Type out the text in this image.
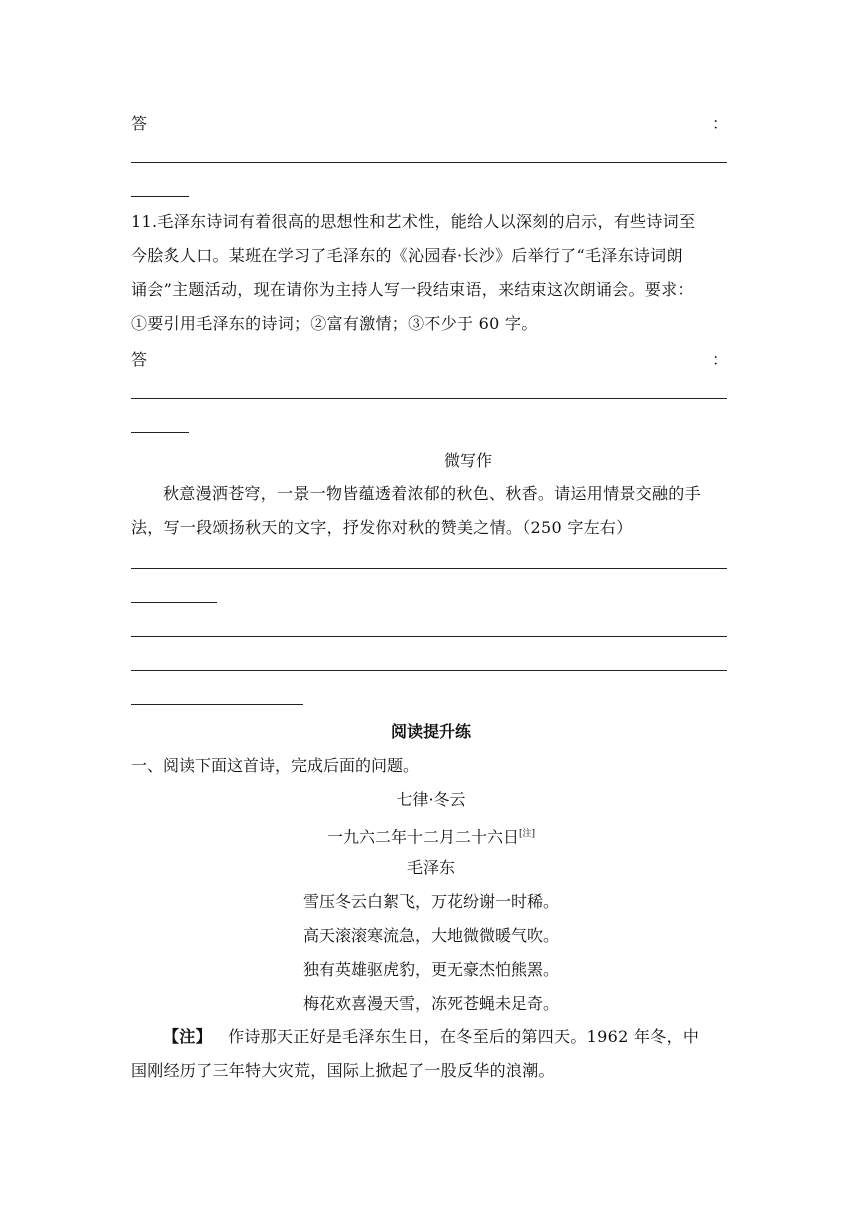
答	：
11.毛泽东诗词有着很高的思想性和艺术性，能给人以深刻的启示，有些诗词至
今脍炙人口。某班在学习了毛泽东的《沁园春·长沙》后举行了“毛泽东诗词朗
诵会”主题活动，现在请你为主持人写一段结束语，来结束这次朗诵会。要求：
①要引用毛泽东的诗词；②富有激情；③不少于 60 字。
答	：
微写作
秋意漫洒苍穹，一景一物皆蕴透着浓郁的秋色、秋香。请运用情景交融的手
法，写一段颂扬秋天的文字，抒发你对秋的赞美之情。（250 字左右）
阅读提升练
一、阅读下面这首诗，完成后面的问题。
七律·冬云
一九六二年十二月二十六日[注]
毛泽东
雪压冬云白絮飞，万花纷谢一时稀。
高天滚滚寒流急，大地微微暖气吹。
独有英雄驱虎豹，更无豪杰怕熊罴。
梅花欢喜漫天雪，冻死苍蝇未足奇。
【注】 作诗那天正好是毛泽东生日，在冬至后的第四天。1962 年冬，中
国刚经历了三年特大灾荒，国际上掀起了一股反华的浪潮。
